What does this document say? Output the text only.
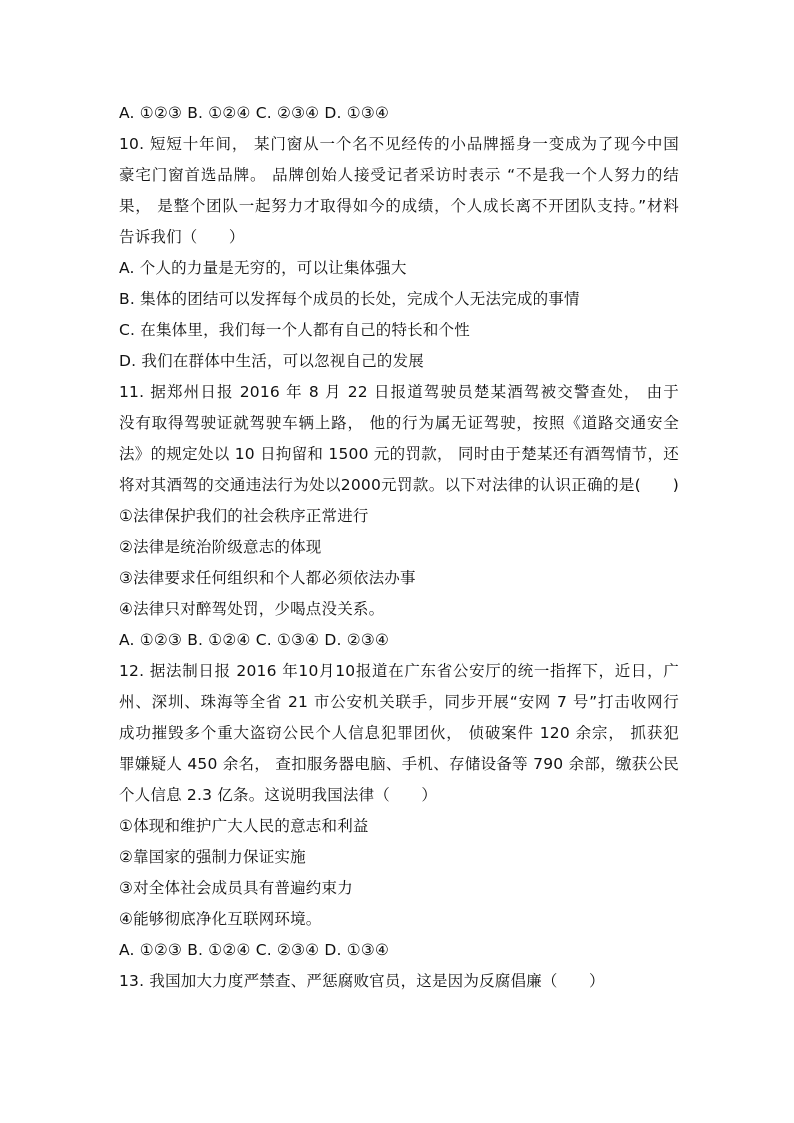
A. ①②③ B. ①②④ C. ②③④ D. ①③④
10. 短短十年间， 某门窗从一个名不见经传的小品牌摇身一变成为了现今中国
豪宅门窗首选品牌。 品牌创始人接受记者采访时表示 “不是我一个人努力的结
果， 是整个团队一起努力才取得如今的成绩，个人成长离不开团队支持。”材料
告诉我们（　　）
A. 个人的力量是无穷的，可以让集体强大
B. 集体的团结可以发挥每个成员的长处，完成个人无法完成的事情
C. 在集体里，我们每一个人都有自己的特长和个性
D. 我们在群体中生活，可以忽视自己的发展
11. 据郑州日报 2016 年 8 月 22 日报道驾驶员楚某酒驾被交警查处， 由于
没有取得驾驶证就驾驶车辆上路， 他的行为属无证驾驶，按照《道路交通安全
法》的规定处以 10 日拘留和 1500 元的罚款， 同时由于楚某还有酒驾情节，还
将对其酒驾的交通违法行为处以2000元罚款。以下对法律的认识正确的是(　　)
①法律保护我们的社会秩序正常进行
②法律是统治阶级意志的体现
③法律要求任何组织和个人都必须依法办事
④法律只对醉驾处罚，少喝点没关系。
A. ①②③ B. ①②④ C. ①③④ D. ②③④
12. 据法制日报 2016 年10月10报道在广东省公安厅的统一指挥下，近日，广
州、深圳、珠海等全省 21 市公安机关联手，同步开展“安网 7 号”打击收网行
成功摧毁多个重大盗窃公民个人信息犯罪团伙， 侦破案件 120 余宗， 抓获犯
罪嫌疑人 450 余名， 查扣服务器电脑、手机、存储设备等 790 余部，缴获公民
个人信息 2.3 亿条。这说明我国法律（　　）
①体现和维护广大人民的意志和利益
②靠国家的强制力保证实施
③对全体社会成员具有普遍约束力
④能够彻底净化互联网环境。
A. ①②③ B. ①②④ C. ②③④ D. ①③④
13. 我国加大力度严禁查、严惩腐败官员，这是因为反腐倡廉（　　）
